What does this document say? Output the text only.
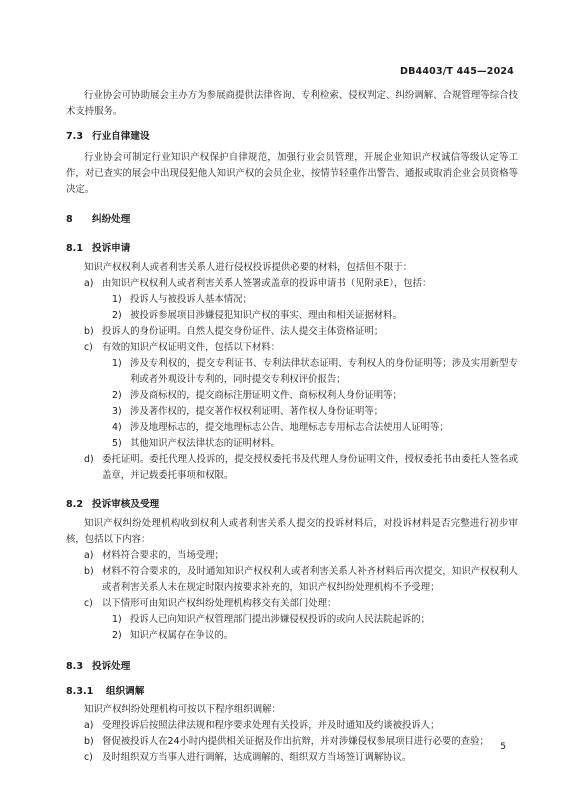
DB4403/T 445—2024

行业协会可协助展会主办方为参展商提供法律咨询、专利检索、侵权判定、纠纷调解、合规管理等综合技术支持服务。

7.3 行业自律建设

行业协会可制定行业知识产权保护自律规范，加强行业会员管理，开展企业知识产权诚信等级认定等工作，对已查实的展会中出现侵犯他人知识产权的会员企业，按情节轻重作出警告、通报或取消企业会员资格等决定。

8 纠纷处理
8.1 投诉申请

知识产权权利人或者利害关系人进行侵权投诉提供必要的材料，包括但不限于：

a) 由知识产权权利人或者利害关系人签署或盖章的投诉申请书（见附录E），包括：
1) 投诉人与被投诉人基本情况；
2) 被投诉参展项目涉嫌侵犯知识产权的事实、理由和相关证据材料。
b) 投诉人的身份证明。自然人提交身份证件、法人提交主体资格证明；
c) 有效的知识产权证明文件，包括以下材料：
1) 涉及专利权的，提交专利证书、专利法律状态证明、专利权人的身份证明等；涉及实用新型专利或者外观设计专利的，同时提交专利权评价报告；
2) 涉及商标权的，提交商标注册证明文件、商标权利人身份证明等；
3) 涉及著作权的，提交著作权权利证明、著作权人身份证明等；
4) 涉及地理标志的，提交地理标志公告、地理标志专用标志合法使用人证明等；
5) 其他知识产权法律状态的证明材料。
d) 委托证明。委托代理人投诉的，提交授权委托书及代理人身份证明文件，授权委托书由委托人签名或盖章，并记载委托事项和权限。
8.2 投诉审核及受理

知识产权纠纷处理机构收到权利人或者利害关系人提交的投诉材料后，对投诉材料是否完整进行初步审核，包括以下内容：

a) 材料符合要求的，当场受理；
b) 材料不符合要求的，及时通知知识产权权利人或者利害关系人补齐材料后再次提交，知识产权权利人或者利害关系人未在规定时限内按要求补充的，知识产权纠纷处理机构不予受理；
c) 以下情形可由知识产权纠纷处理机构移交有关部门处理：
1) 投诉人已向知识产权管理部门提出涉嫌侵权投诉的或向人民法院起诉的；
2) 知识产权属存在争议的。
8.3 投诉处理
8.3.1 组织调解

知识产权纠纷处理机构可按以下程序组织调解：

a) 受理投诉后按照法律法规和程序要求处理有关投诉，并及时通知及约谈被投诉人；
b) 督促被投诉人在24小时内提供相关证据及作出抗辩，并对涉嫌侵权参展项目进行必要的查验；
c) 及时组织双方当事人进行调解，达成调解的、组织双方当场签订调解协议。
5
